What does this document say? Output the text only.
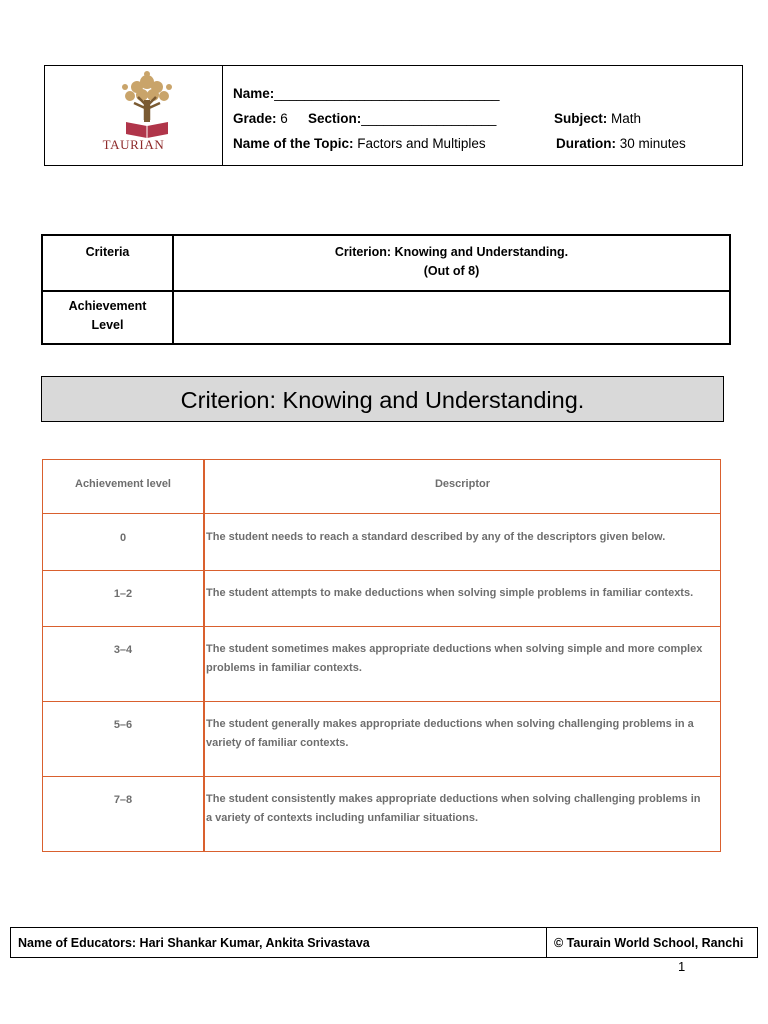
TAURIAN
Name:______________________________
Grade: 6 Section:__________________	Subject: Math
Name of the Topic: Factors and Multiples	Duration: 30 minutes
Criteria	Criterion: Knowing and Understanding.
(Out of 8)
Achievement
Level
Criterion: Knowing and Understanding.
Achievement level	Descriptor
0	The student needs to reach a standard described by any of the descriptors given below.
1–2	The student attempts to make deductions when solving simple problems in familiar contexts.
3–4	The student sometimes makes appropriate deductions when solving simple and more complex
problems in familiar contexts.
5–6	The student generally makes appropriate deductions when solving challenging problems in a
variety of familiar contexts.
7–8	The student consistently makes appropriate deductions when solving challenging problems in
a variety of contexts including unfamiliar situations.
Name of Educators: Hari Shankar Kumar, Ankita Srivastava	© Taurain World School, Ranchi
1
